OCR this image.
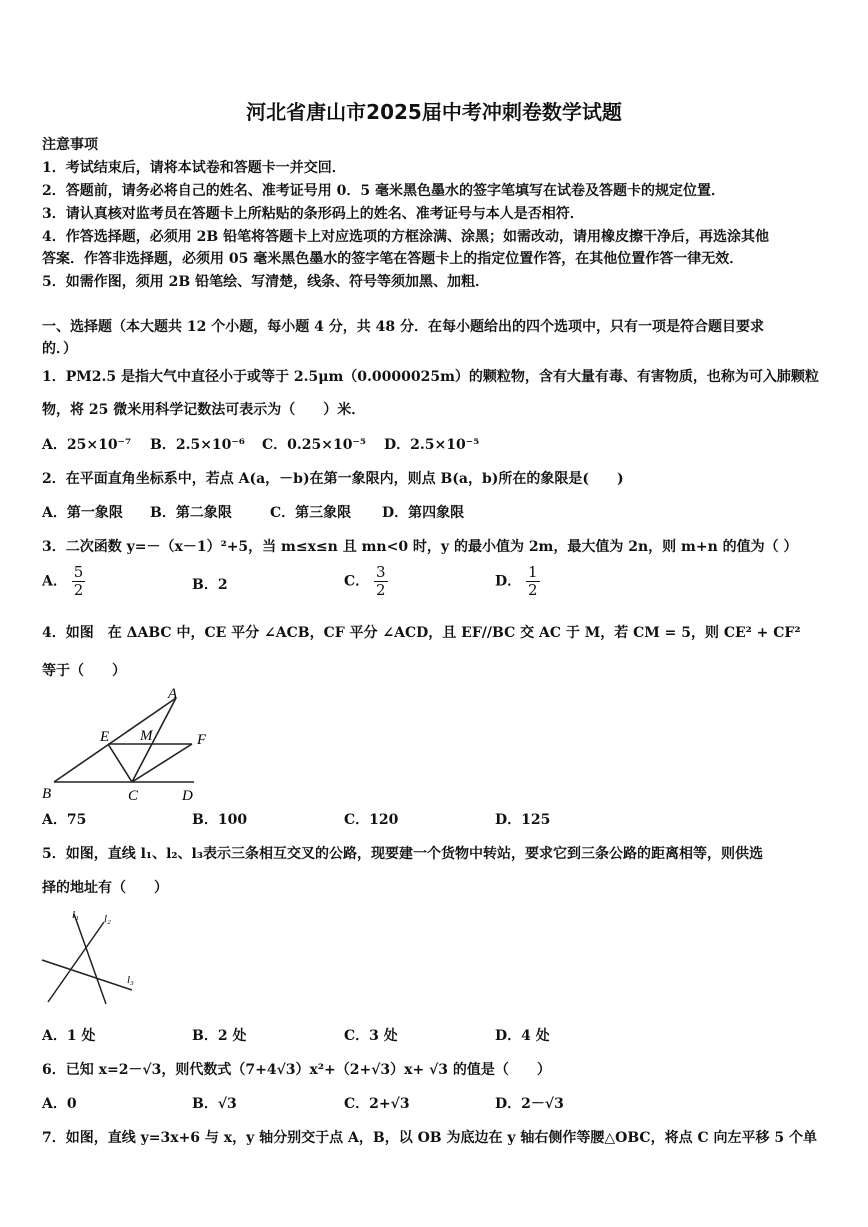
河北省唐山市2025届中考冲刺卷数学试题
注意事项
1．考试结束后，请将本试卷和答题卡一并交回．
2．答题前，请务必将自己的姓名、准考证号用 0．5 毫米黑色墨水的签字笔填写在试卷及答题卡的规定位置．
3．请认真核对监考员在答题卡上所粘贴的条形码上的姓名、准考证号与本人是否相符．
4．作答选择题，必须用 2B 铅笔将答题卡上对应选项的方框涂满、涂黑；如需改动，请用橡皮擦干净后，再选涂其他
答案．作答非选择题，必须用 05 毫米黑色墨水的签字笔在答题卡上的指定位置作答，在其他位置作答一律无效．
5．如需作图，须用 2B 铅笔绘、写清楚，线条、符号等须加黑、加粗．
一、选择题（本大题共 12 个小题，每小题 4 分，共 48 分．在每小题给出的四个选项中，只有一项是符合题目要求
的．）
1．PM2.5 是指大气中直径小于或等于 2.5μm（0.0000025m）的颗粒物，含有大量有毒、有害物质，也称为可入肺颗粒
物，将 25 微米用科学记数法可表示为（　　）米．
A．25×10⁻⁷ B．2.5×10⁻⁶ C．0.25×10⁻⁵ D．2.5×10⁻⁵
2．在平面直角坐标系中，若点 A(a，－b)在第一象限内，则点 B(a，b)所在的象限是(　　)
A．第一象限 B．第二象限	C．第三象限 D．第四象限
3．二次函数 y=－（x－1）²+5，当 m≤x≤n 且 mn<0 时，y 的最小值为 2m，最大值为 2n，则 m+n 的值为（ ）
A． $\frac{5}{2}$	B．2	C． $\frac{3}{2}$	D． $\frac{1}{2}$
4．如图　在 ΔABC 中，CE 平分 ∠ACB，CF 平分 ∠ACD，且 EF//BC 交 AC 于 M，若 CM = 5，则 CE² + CF²
等于（　　）
A
E M	F
B	C	D
A．75	B．100	C．120	D．125
5．如图，直线 l₁、l₂、l₃表示三条相互交叉的公路，现要建一个货物中转站，要求它到三条公路的距离相等，则供选
择的地址有（　　）
l₁ l₂
l₃
A．1 处	B．2 处	C．3 处	D．4 处
6．已知 x=2－√3，则代数式（7+4√3）x²+（2+√3）x+ √3 的值是（　　）
A．0	B．√3	C．2+√3	D．2－√3
7．如图，直线 y=3x+6 与 x，y 轴分别交于点 A，B，以 OB 为底边在 y 轴右侧作等腰△OBC，将点 C 向左平移 5 个单
